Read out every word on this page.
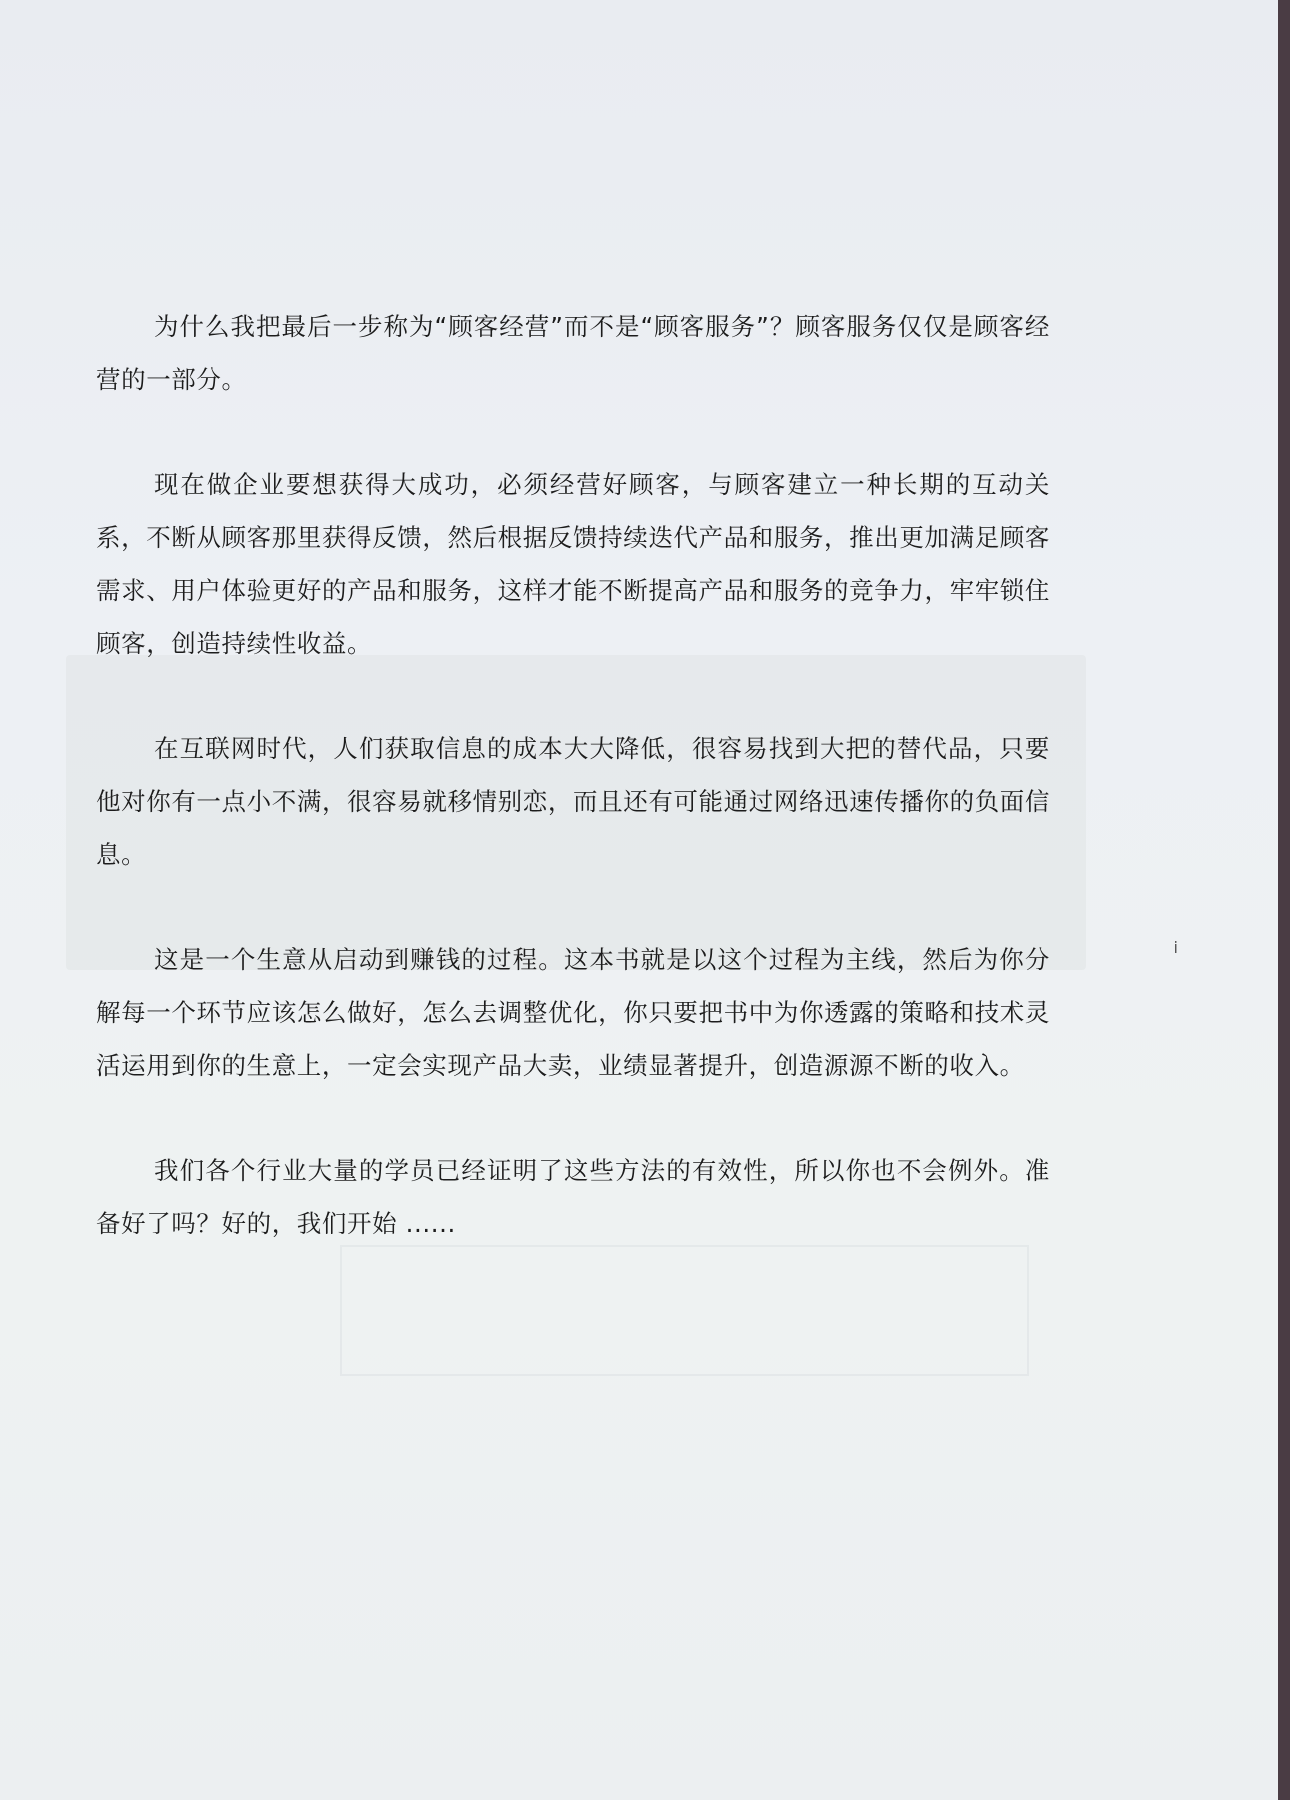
为什么我把最后一步称为“顾客经营”而不是“顾客服务”？顾客服务仅仅是顾客经营的一部分。

现在做企业要想获得大成功，必须经营好顾客，与顾客建立一种长期的互动关系，不断从顾客那里获得反馈，然后根据反馈持续迭代产品和服务，推出更加满足顾客需求、用户体验更好的产品和服务，这样才能不断提高产品和服务的竞争力，牢牢锁住顾客，创造持续性收益。

在互联网时代，人们获取信息的成本大大降低，很容易找到大把的替代品，只要他对你有一点小不满，很容易就移情别恋，而且还有可能通过网络迅速传播你的负面信息。

这是一个生意从启动到赚钱的过程。这本书就是以这个过程为主线，然后为你分解每一个环节应该怎么做好，怎么去调整优化，你只要把书中为你透露的策略和技术灵活运用到你的生意上，一定会实现产品大卖，业绩显著提升，创造源源不断的收入。

我们各个行业大量的学员已经证明了这些方法的有效性，所以你也不会例外。准备好了吗？好的，我们开始 ......

i
